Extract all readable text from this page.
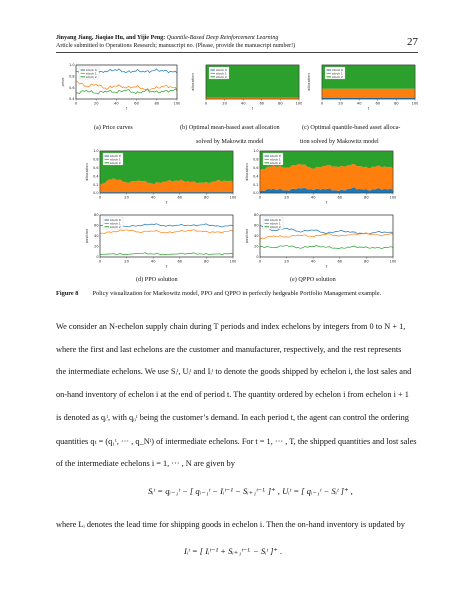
Jinyang Jiang, Jiaqiao Hu, and Yijie Peng: Quantile-Based Deep Reinforcement Learning
Article submitted to Operations Research; manuscript no. (Please, provide the manuscript number!)	27
0	20	40	60	80	100
t
0.4
0.6
0.8
1.0
price
stock 0
stock 1
stock 2
0	20	40	60	80	100
t
allocation
stock 0
stock 1
stock 2
0	20	40	60	80	100
t
allocation
stock 0
stock 1
stock 2
0	20	40	60	80	100
t
0.0
0.2
0.4
0.6
0.8
1.0
allocation
stock 0
stock 1
stock 2
0	20	40	60	80	100
t
0.0
0.2
0.4
0.6
0.8
1.0
allocation
stock 0
stock 1
stock 2
0	20	40	60	80	100
t
0
20
40
60
80
position
stock 0
stock 1
stock 2
0	20	40	60	80	100
t
0
20
40
60
80
position
stock 0
stock 1
stock 2
(a) Price curves	(b) Optimal mean-based asset allocation
solved by Makowitz model
(c) Optimal quantile-based asset alloca-
tion solved by Makowitz model
(d) PPO solution	(e) QPPO solution
Figure 8 Policy visualization for Markowitz model, PPO and QPPO in perfectly hedgeable Portfolio Management example.
We consider an N-echelon supply chain during T periods and index echelons by integers from 0 to N + 1,
where the first and last echelons are the customer and manufacturer, respectively, and the rest represents
the intermediate echelons. We use Sᵢᵗ, Uᵢᵗ and Iᵢᵗ to denote the goods shipped by echelon i, the lost sales and
on-hand inventory of echelon i at the end of period t. The quantity ordered by echelon i from echelon i + 1
is denoted as qᵢᵗ, with q₀ᵗ being the customer’s demand. In each period t, the agent can control the ordering
quantities qₜ = (q₁ᵗ, ··· , q_Nᵗ) of intermediate echelons. For t = 1, ··· , T, the shipped quantities and lost sales
of the intermediate echelons i = 1, ··· , N are given by
Sᵢᵗ = qᵢ₋₁ᵗ − [ qᵢ₋₁ᵗ − Iᵢᵗ⁻¹ − Sᵢ₊₁ᵗ⁻ᴸ ]⁺ , Uᵢᵗ = [ qᵢ₋₁ᵗ − Sᵢᵗ ]⁺ ,
where Lᵢ denotes the lead time for shipping goods in echelon i. Then the on-hand inventory is updated by
Iᵢᵗ = [ Iᵢᵗ⁻¹ + Sᵢ₊₁ᵗ⁻ᴸ − Sᵢᵗ ]⁺ .
